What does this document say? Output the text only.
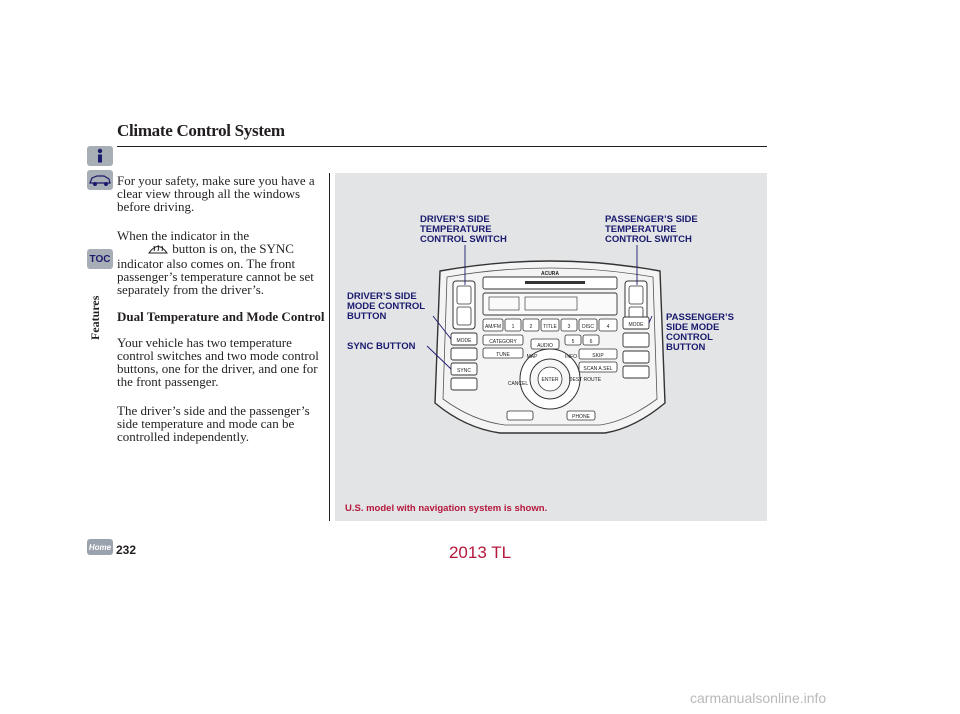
Climate Control System
TOC
Home
Features
For your safety, make sure you have a clear view through all the windows before driving.
When the indicator in the
button is on, the SYNC indicator also comes on. The front passenger’s temperature cannot be set separately from the driver’s.
Dual Temperature and Mode Control
Your vehicle has two temperature control switches and two mode control buttons, one for the driver, and one for the front passenger.
The driver’s side and the passenger’s side temperature and mode can be controlled independently.
MODE
SYNC
MODE
ACURA
AM/FM 1	2 TITLE 3 DISC	4
5	6
CATEGORY
TUNE	SKIP
SCAN A.SEL
AUDIO
ENTER
MAP	INFO
CANCEL
DEST ROUTE
PHONE
DRIVER’S SIDE
TEMPERATURE
CONTROL SWITCH
PASSENGER’S SIDE
TEMPERATURE
CONTROL SWITCH
DRIVER’S SIDE
MODE CONTROL
BUTTON	PASSENGER’S
SIDE MODE
CONTROL
BUTTON
SYNC BUTTON
U.S. model with navigation system is shown.
232	2013 TL
carmanualsonline.info
